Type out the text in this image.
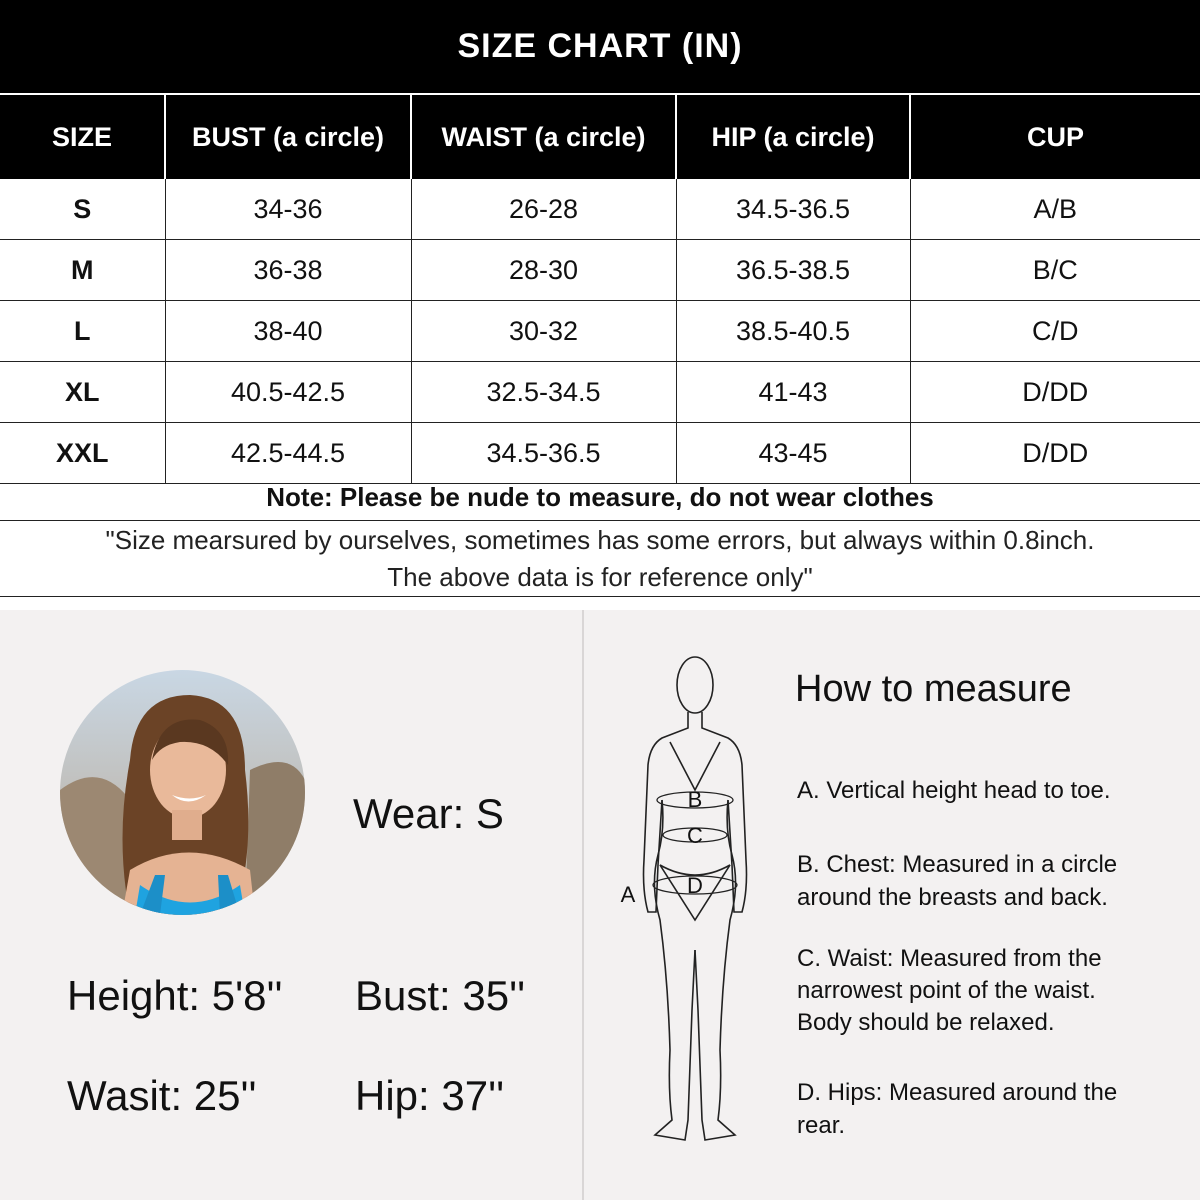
SIZE CHART (IN)
SIZE	BUST (a circle)	WAIST (a circle)	HIP (a circle)	CUP
S	34-36	26-28	34.5-36.5	A/B
M	36-38	28-30	36.5-38.5	B/C
L	38-40	30-32	38.5-40.5	C/D
XL	40.5-42.5	32.5-34.5	41-43	D/DD
XXL	42.5-44.5	34.5-36.5	43-45	D/DD
Note: Please be nude to measure, do not wear clothes
"Size mearsured by ourselves, sometimes has some errors, but always within 0.8inch.
The above data is for reference only"
Wear: S
Height: 5'8'' Bust: 35''
Wasit: 25'' Hip: 37''
B
C
D
A
How to measure
A. Vertical height head to toe.
B. Chest: Measured in a circle
around the breasts and back.
C. Waist: Measured from the
narrowest point of the waist.
Body should be relaxed.
D. Hips: Measured around the
rear.
